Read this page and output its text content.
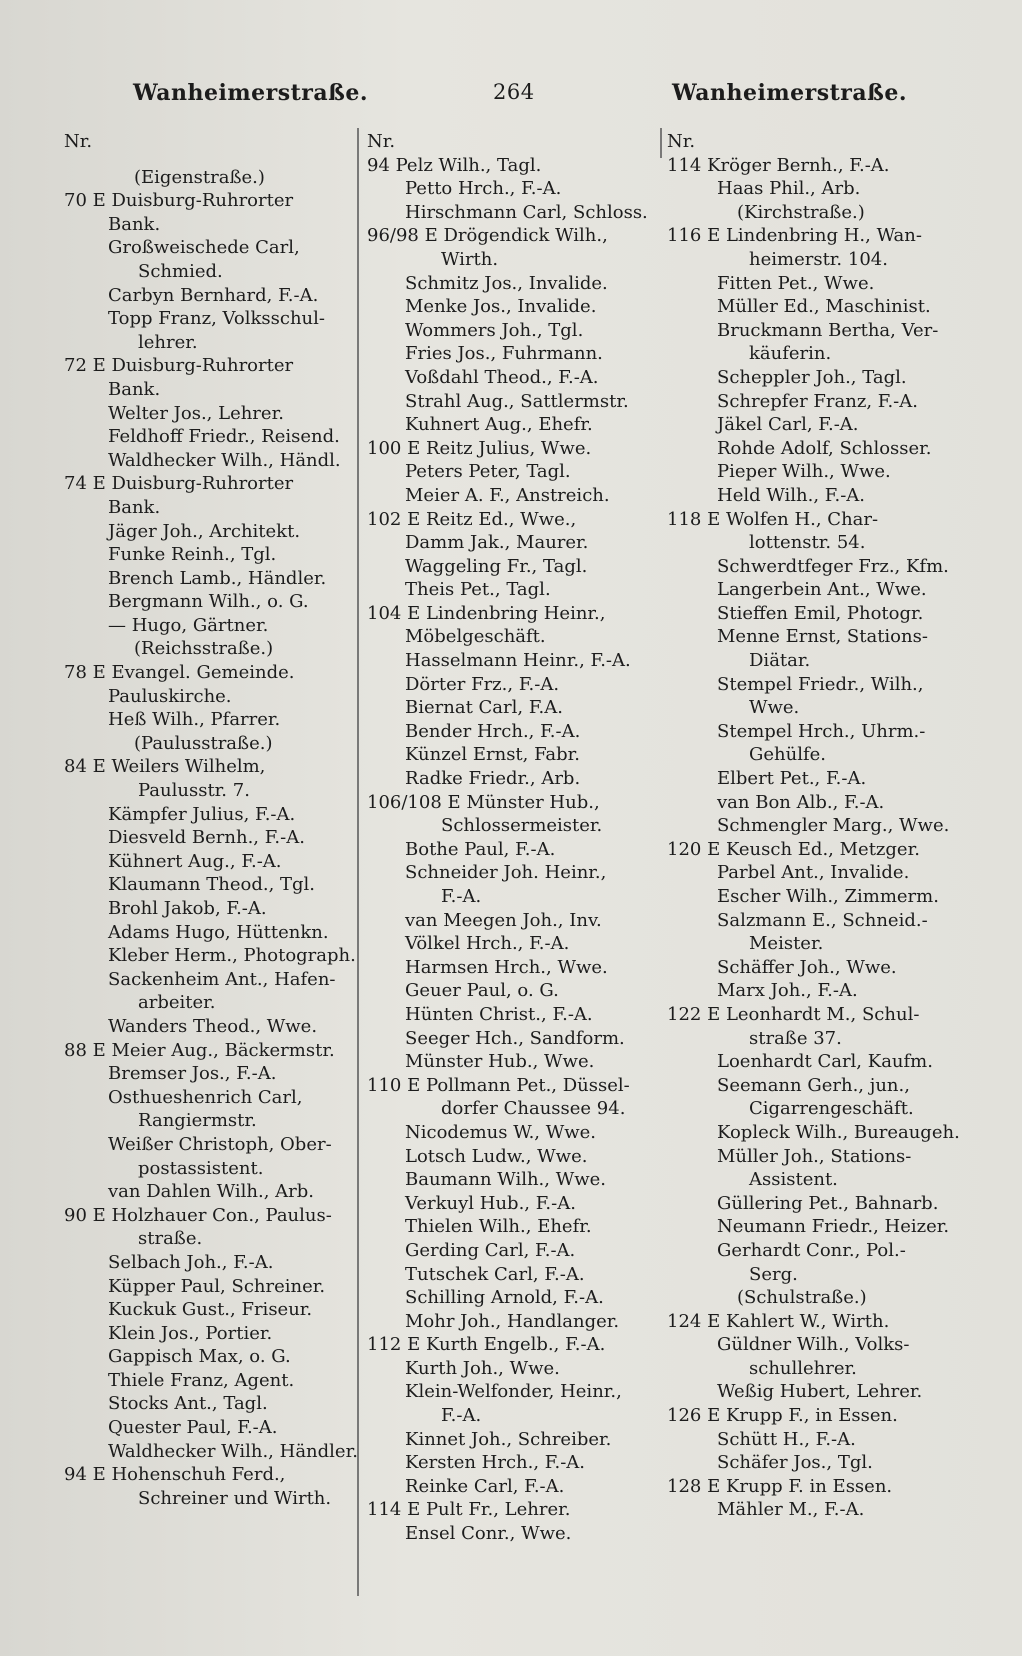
Wanheimerstraße.	264	Wanheimerstraße.
Nr.
(Eigenstraße.)
70 E Duisburg-Ruhrorter
Bank.
Großweischede Carl,
Schmied.
Carbyn Bernhard, F.-A.
Topp Franz, Volksschul-
lehrer.
72 E Duisburg-Ruhrorter
Bank.
Welter Jos., Lehrer.
Feldhoff Friedr., Reisend.
Waldhecker Wilh., Händl.
74 E Duisburg-Ruhrorter
Bank.
Jäger Joh., Architekt.
Funke Reinh., Tgl.
Brench Lamb., Händler.
Bergmann Wilh., o. G.
— Hugo, Gärtner.
(Reichsstraße.)
78 E Evangel. Gemeinde.
Pauluskirche.
Heß Wilh., Pfarrer.
(Paulusstraße.)
84 E Weilers Wilhelm,
Paulusstr. 7.
Kämpfer Julius, F.-A.
Diesveld Bernh., F.-A.
Kühnert Aug., F.-A.
Klaumann Theod., Tgl.
Brohl Jakob, F.-A.
Adams Hugo, Hüttenkn.
Kleber Herm., Photograph.
Sackenheim Ant., Hafen-
arbeiter.
Wanders Theod., Wwe.
88 E Meier Aug., Bäckermstr.
Bremser Jos., F.-A.
Osthueshenrich Carl,
Rangiermstr.
Weißer Christoph, Ober-
postassistent.
van Dahlen Wilh., Arb.
90 E Holzhauer Con., Paulus-
straße.
Selbach Joh., F.-A.
Küpper Paul, Schreiner.
Kuckuk Gust., Friseur.
Klein Jos., Portier.
Gappisch Max, o. G.
Thiele Franz, Agent.
Stocks Ant., Tagl.
Quester Paul, F.-A.
Waldhecker Wilh., Händler.
94 E Hohenschuh Ferd.,
Schreiner und Wirth.
Nr.
94 Pelz Wilh., Tagl.
Petto Hrch., F.-A.
Hirschmann Carl, Schloss.
96/98 E Drögendick Wilh.,
Wirth.
Schmitz Jos., Invalide.
Menke Jos., Invalide.
Wommers Joh., Tgl.
Fries Jos., Fuhrmann.
Voßdahl Theod., F.-A.
Strahl Aug., Sattlermstr.
Kuhnert Aug., Ehefr.
100 E Reitz Julius, Wwe.
Peters Peter, Tagl.
Meier A. F., Anstreich.
102 E Reitz Ed., Wwe.,
Damm Jak., Maurer.
Waggeling Fr., Tagl.
Theis Pet., Tagl.
104 E Lindenbring Heinr.,
Möbelgeschäft.
Hasselmann Heinr., F.-A.
Dörter Frz., F.-A.
Biernat Carl, F.A.
Bender Hrch., F.-A.
Künzel Ernst, Fabr.
Radke Friedr., Arb.
106/108 E Münster Hub.,
Schlossermeister.
Bothe Paul, F.-A.
Schneider Joh. Heinr.,
F.-A.
van Meegen Joh., Inv.
Völkel Hrch., F.-A.
Harmsen Hrch., Wwe.
Geuer Paul, o. G.
Hünten Christ., F.-A.
Seeger Hch., Sandform.
Münster Hub., Wwe.
110 E Pollmann Pet., Düssel-
dorfer Chaussee 94.
Nicodemus W., Wwe.
Lotsch Ludw., Wwe.
Baumann Wilh., Wwe.
Verkuyl Hub., F.-A.
Thielen Wilh., Ehefr.
Gerding Carl, F.-A.
Tutschek Carl, F.-A.
Schilling Arnold, F.-A.
Mohr Joh., Handlanger.
112 E Kurth Engelb., F.-A.
Kurth Joh., Wwe.
Klein-Welfonder, Heinr.,
F.-A.
Kinnet Joh., Schreiber.
Kersten Hrch., F.-A.
Reinke Carl, F.-A.
114 E Pult Fr., Lehrer.
Ensel Conr., Wwe.
Nr.
114 Kröger Bernh., F.-A.
Haas Phil., Arb.
(Kirchstraße.)
116 E Lindenbring H., Wan-
heimerstr. 104.
Fitten Pet., Wwe.
Müller Ed., Maschinist.
Bruckmann Bertha, Ver-
käuferin.
Scheppler Joh., Tagl.
Schrepfer Franz, F.-A.
Jäkel Carl, F.-A.
Rohde Adolf, Schlosser.
Pieper Wilh., Wwe.
Held Wilh., F.-A.
118 E Wolfen H., Char-
lottenstr. 54.
Schwerdtfeger Frz., Kfm.
Langerbein Ant., Wwe.
Stieffen Emil, Photogr.
Menne Ernst, Stations-
Diätar.
Stempel Friedr., Wilh.,
Wwe.
Stempel Hrch., Uhrm.-
Gehülfe.
Elbert Pet., F.-A.
van Bon Alb., F.-A.
Schmengler Marg., Wwe.
120 E Keusch Ed., Metzger.
Parbel Ant., Invalide.
Escher Wilh., Zimmerm.
Salzmann E., Schneid.-
Meister.
Schäffer Joh., Wwe.
Marx Joh., F.-A.
122 E Leonhardt M., Schul-
straße 37.
Loenhardt Carl, Kaufm.
Seemann Gerh., jun.,
Cigarrengeschäft.
Kopleck Wilh., Bureaugeh.
Müller Joh., Stations-
Assistent.
Güllering Pet., Bahnarb.
Neumann Friedr., Heizer.
Gerhardt Conr., Pol.-
Serg.
(Schulstraße.)
124 E Kahlert W., Wirth.
Güldner Wilh., Volks-
schullehrer.
Weßig Hubert, Lehrer.
126 E Krupp F., in Essen.
Schütt H., F.-A.
Schäfer Jos., Tgl.
128 E Krupp F. in Essen.
Mähler M., F.-A.
